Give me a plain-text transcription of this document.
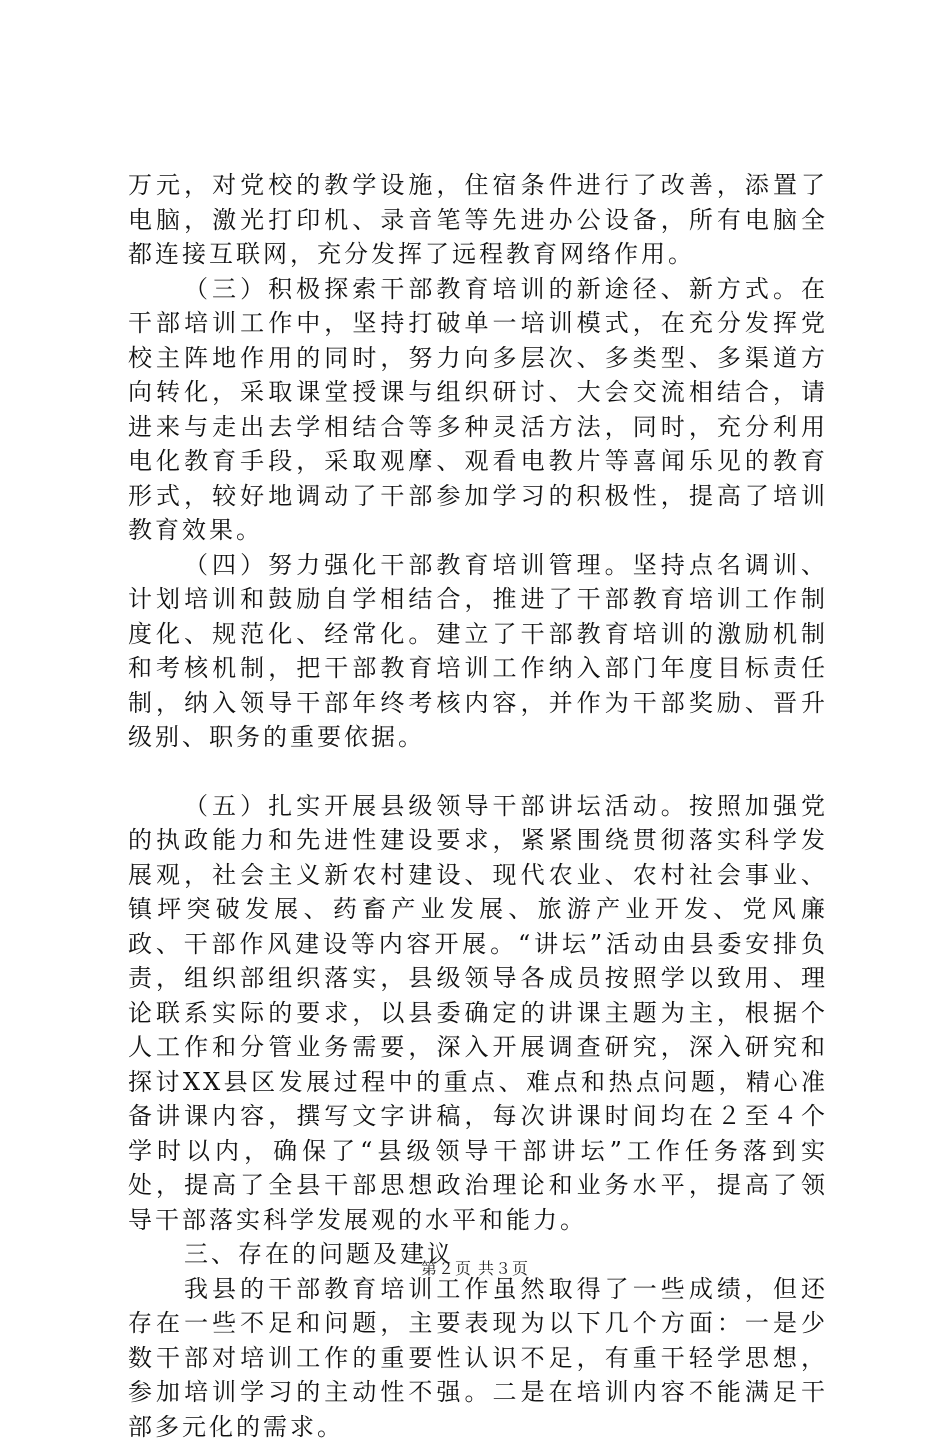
万元，对党校的教学设施，住宿条件进行了改善，添置了电脑，激光打印机、录音笔等先进办公设备，所有电脑全都连接互联网，充分发挥了远程教育网络作用。

（三）积极探索干部教育培训的新途径、新方式。在干部培训工作中，坚持打破单一培训模式，在充分发挥党校主阵地作用的同时，努力向多层次、多类型、多渠道方向转化，采取课堂授课与组织研讨、大会交流相结合，请进来与走出去学相结合等多种灵活方法，同时，充分利用电化教育手段，采取观摩、观看电教片等喜闻乐见的教育形式，较好地调动了干部参加学习的积极性，提高了培训教育效果。

（四）努力强化干部教育培训管理。坚持点名调训、计划培训和鼓励自学相结合，推进了干部教育培训工作制度化、规范化、经常化。建立了干部教育培训的激励机制和考核机制，把干部教育培训工作纳入部门年度目标责任制，纳入领导干部年终考核内容，并作为干部奖励、晋升级别、职务的重要依据。

（五）扎实开展县级领导干部讲坛活动。按照加强党的执政能力和先进性建设要求，紧紧围绕贯彻落实科学发展观，社会主义新农村建设、现代农业、农村社会事业、镇坪突破发展、药畜产业发展、旅游产业开发、党风廉政、干部作风建设等内容开展。“讲坛”活动由县委安排负责，组织部组织落实，县级领导各成员按照学以致用、理论联系实际的要求，以县委确定的讲课主题为主，根据个人工作和分管业务需要，深入开展调查研究，深入研究和探讨XX县区发展过程中的重点、难点和热点问题，精心准备讲课内容，撰写文字讲稿，每次讲课时间均在２至４个学时以内，确保了“县级领导干部讲坛”工作任务落到实处，提高了全县干部思想政治理论和业务水平，提高了领导干部落实科学发展观的水平和能力。

三、存在的问题及建议

我县的干部教育培训工作虽然取得了一些成绩，但还存在一些不足和问题，主要表现为以下几个方面：一是少数干部对培训工作的重要性认识不足，有重干轻学思想，参加培训学习的主动性不强。二是在培训内容不能满足干部多元化的需求。

第２页 共３页
